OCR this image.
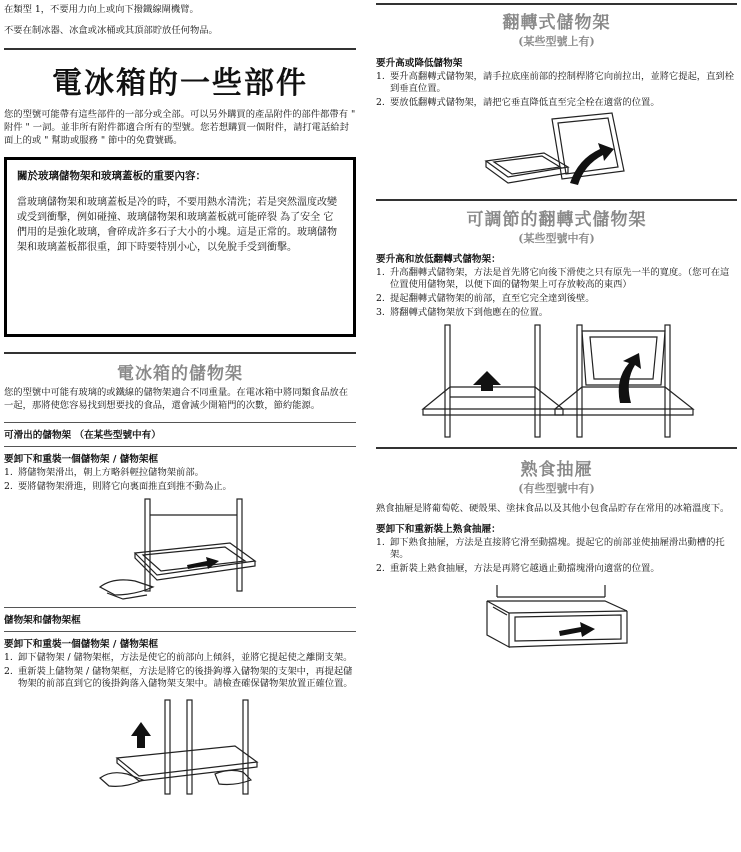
在類型 1，不要用力向上或向下撥鐵線閘機臂。

不要在制冰器、冰盒或冰桶或其頂部貯放任何物品。

電冰箱的一些部件

您的型號可能帶有這些部件的一部分或全部。可以另外購買的產品附件的部件都帶有 " 附件 " 一詞。並非所有附件都適合所有的型號。您若想購買一個附件，請打電話給封面上的或 " 幫助或服務 " 節中的免費號碼。

關於玻璃儲物架和玻璃蓋板的重要內容：

當玻璃儲物架和玻璃蓋板是冷的時，不要用熱水清洗；若是突然溫度改變或受到衝擊，例如碰撞、玻璃儲物架和玻璃蓋板就可能碎裂 為了安全 它們用的是強化玻璃，會碎成許多石子大小的小塊。這是正常的。玻璃儲物架和玻璃蓋板都很重，卸下時要特別小心，以免脫手受到衝擊。

電冰箱的儲物架

您的型號中可能有玻璃的或鐵線的儲物架適合不同重量。在電冰箱中將同類食品放在一起，那將使您容易找到想要找的食品，還會減少開箱門的次數，節約能源。

可滑出的儲物架 （在某些型號中有）

要卸下和重裝一個儲物架 / 儲物架框

1. 將儲物架滑出，朝上方略斜輕拉儲物架前部。
2. 要將儲物架滑進，則將它向裏面推直到推不動為止。

儲物架和儲物架框

要卸下和重裝一個儲物架 / 儲物架框

1. 卸下儲物架 / 儲物架框，方法是使它的前部向上傾斜，並將它提起使之離開支架。
2. 重新裝上儲物架 / 儲物架框，方法是將它的後掛鉤導入儲物架的支架中，再提起儲物架的前部直到它的後掛鉤落入儲物架支架中。請檢查確保儲物架放置正確位置。
翻轉式儲物架
(某些型號上有)

要升高或降低儲物架

1. 要升高翻轉式儲物架，請手拉底座前部的控制桿將它向前拉出，並將它提起，直到栓到垂直位置。
2. 要放低翻轉式儲物架，請把它垂直降低直至完全栓在適當的位置。
可調節的翻轉式儲物架
(某些型號中有)

要升高和放低翻轉式儲物架：

1. 升高翻轉式儲物架，方法是首先將它向後下滑使之只有原先一半的寬度。（您可在這位置使用儲物架，以便下面的儲物架上可存放較高的東西）
2. 提起翻轉式儲物架的前部，直至它完全達到後壁。
3. 將翻轉式儲物架放下到他應在的位置。
熟食抽屜
(有些型號中有)

熟食抽屜是將葡萄乾、硬殼果、塗抹食品以及其他小包食品貯存在常用的冰箱溫度下。

要卸下和重新裝上熟食抽屜：

1. 卸下熟食抽屜，方法是直接將它滑至動擋塊。提起它的前部並使抽屜滑出動槽的托架。
2. 重新裝上熟食抽屜，方法是再將它越過止動擋塊滑向適當的位置。
